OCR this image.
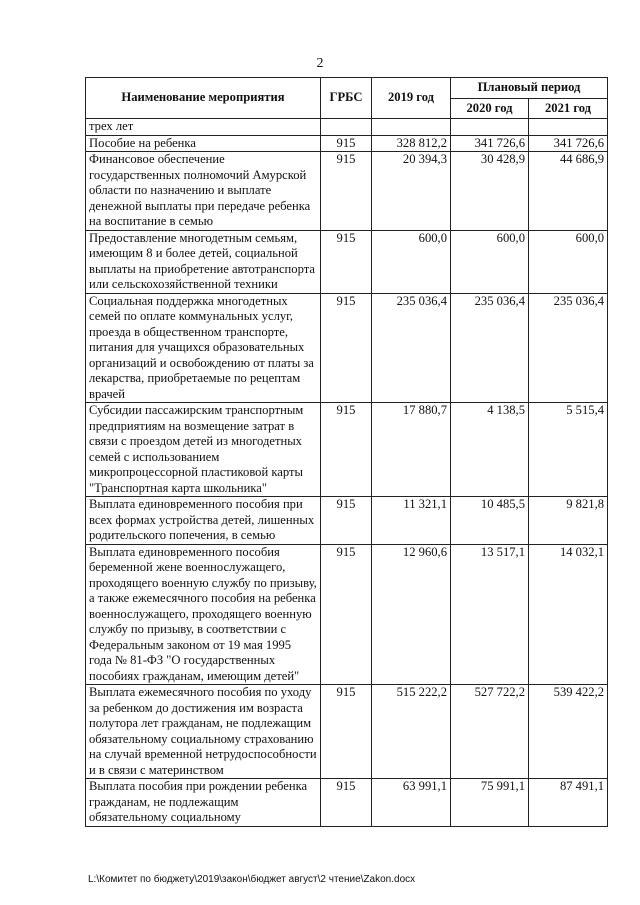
2
Наименование мероприятия	ГРБС	2019 год	Плановый период	
			2020 год	2021 год
трех лет				
Пособие на ребенка	915	328 812,2	341 726,6	341 726,6
Финансовое обеспечение государственных полномочий Амурской области по назначению и выплате денежной выплаты при передаче ребенка на воспитание в семью	915	20 394,3	30 428,9	44 686,9
Предоставление многодетным семьям, имеющим 8 и более детей, социальной выплаты на приобретение автотранспорта или сельскохозяйственной техники	915	600,0	600,0	600,0
Социальная поддержка многодетных семей по оплате коммунальных услуг, проезда в общественном транспорте, питания для учащихся образовательных организаций и освобождению от платы за лекарства, приобретаемые по рецептам врачей	915	235 036,4	235 036,4	235 036,4
Субсидии пассажирским транспортным предприятиям на возмещение затрат в связи с проездом детей из многодетных семей с использованием микропроцессорной пластиковой карты "Транспортная карта школьника"	915	17 880,7	4 138,5	5 515,4
Выплата единовременного пособия при всех формах устройства детей, лишенных родительского попечения, в семью	915	11 321,1	10 485,5	9 821,8
Выплата единовременного пособия беременной жене военнослужащего, проходящего военную службу по призыву, а также ежемесячного пособия на ребенка военнослужащего, проходящего военную службу по призыву, в соответствии с Федеральным законом от 19 мая 1995 года № 81-ФЗ "О государственных пособиях гражданам, имеющим детей"	915	12 960,6	13 517,1	14 032,1
Выплата ежемесячного пособия по уходу за ребенком до достижения им возраста полутора лет гражданам, не подлежащим обязательному социальному страхованию на случай временной нетрудоспособности и в связи с материнством	915	515 222,2	527 722,2	539 422,2
Выплата пособия при рождении ребенка гражданам, не подлежащим обязательному социальному	915	63 991,1	75 991,1	87 491,1
L:\Комитет по бюджету\2019\закон\бюджет август\2 чтение\Zakon.docx
